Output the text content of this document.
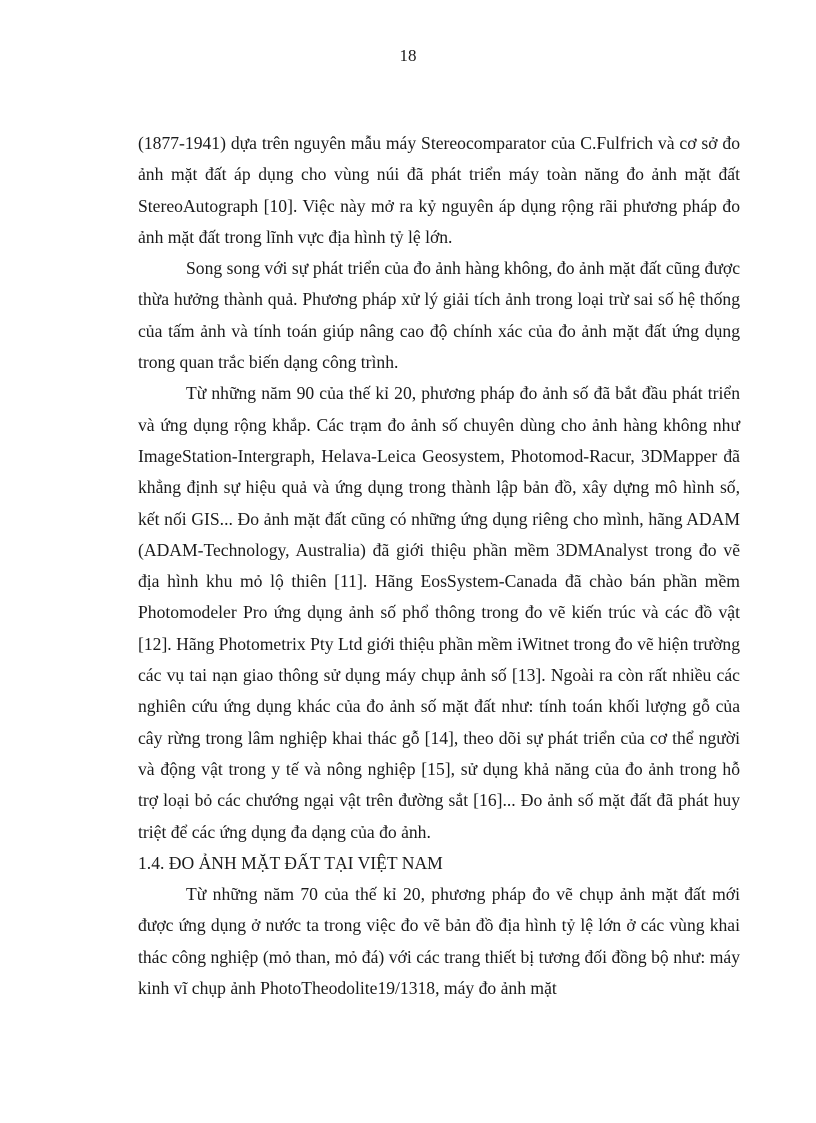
18

(1877-1941) dựa trên nguyên mẫu máy Stereocomparator của C.Fulfrich và cơ sở đo ảnh mặt đất áp dụng cho vùng núi đã phát triển máy toàn năng đo ảnh mặt đất StereoAutograph [10]. Việc này mở ra kỷ nguyên áp dụng rộng rãi phương pháp đo ảnh mặt đất trong lĩnh vực địa hình tỷ lệ lớn.

Song song với sự phát triển của đo ảnh hàng không, đo ảnh mặt đất cũng được thừa hưởng thành quả. Phương pháp xử lý giải tích ảnh trong loại trừ sai số hệ thống của tấm ảnh và tính toán giúp nâng cao độ chính xác của đo ảnh mặt đất ứng dụng trong quan trắc biến dạng công trình.

Từ những năm 90 của thế kỉ 20, phương pháp đo ảnh số đã bắt đầu phát triển và ứng dụng rộng khắp. Các trạm đo ảnh số chuyên dùng cho ảnh hàng không như ImageStation-Intergraph, Helava-Leica Geosystem, Photomod-Racur, 3DMapper đã khẳng định sự hiệu quả và ứng dụng trong thành lập bản đồ, xây dựng mô hình số, kết nối GIS... Đo ảnh mặt đất cũng có những ứng dụng riêng cho mình, hãng ADAM (ADAM-Technology, Australia) đã giới thiệu phần mềm 3DMAnalyst trong đo vẽ địa hình khu mỏ lộ thiên [11]. Hãng EosSystem-Canada đã chào bán phần mềm Photomodeler Pro ứng dụng ảnh số phổ thông trong đo vẽ kiến trúc và các đồ vật [12]. Hãng Photometrix Pty Ltd giới thiệu phần mềm iWitnet trong đo vẽ hiện trường các vụ tai nạn giao thông sử dụng máy chụp ảnh số [13]. Ngoài ra còn rất nhiều các nghiên cứu ứng dụng khác của đo ảnh số mặt đất như: tính toán khối lượng gỗ của cây rừng trong lâm nghiệp khai thác gỗ [14], theo dõi sự phát triển của cơ thể người và động vật trong y tế và nông nghiệp [15], sử dụng khả năng của đo ảnh trong hỗ trợ loại bỏ các chướng ngại vật trên đường sắt [16]... Đo ảnh số mặt đất đã phát huy triệt để các ứng dụng đa dạng của đo ảnh.

1.4. ĐO ẢNH MẶT ĐẤT TẠI VIỆT NAM

Từ những năm 70 của thế kỉ 20, phương pháp đo vẽ chụp ảnh mặt đất mới được ứng dụng ở nước ta trong việc đo vẽ bản đồ địa hình tỷ lệ lớn ở các vùng khai thác công nghiệp (mỏ than, mỏ đá) với các trang thiết bị tương đối đồng bộ như: máy kinh vĩ chụp ảnh PhotoTheodolite19/1318, máy đo ảnh mặt
